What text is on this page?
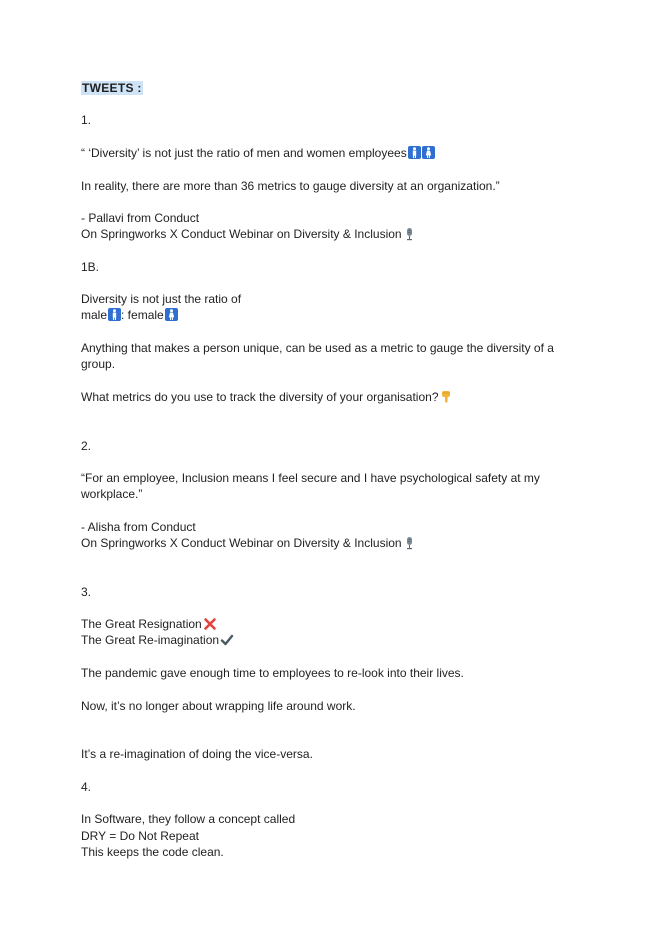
TWEETS :
1.
“ ‘Diversity’ is not just the ratio of men and women employees
In reality, there are more than 36 metrics to gauge diversity at an organization.”
- Pallavi from Conduct
On Springworks X Conduct Webinar on Diversity & Inclusion
1B.
Diversity is not just the ratio of
male : female
Anything that makes a person unique, can be used as a metric to gauge the diversity of a
group.
What metrics do you use to track the diversity of your organisation?
2.
“For an employee, Inclusion means I feel secure and I have psychological safety at my
workplace.”
- Alisha from Conduct
On Springworks X Conduct Webinar on Diversity & Inclusion
3.
The Great Resignation
The Great Re-imagination
The pandemic gave enough time to employees to re-look into their lives.
Now, it’s no longer about wrapping life around work.
It’s a re-imagination of doing the vice-versa.
4.
In Software, they follow a concept called
DRY = Do Not Repeat
This keeps the code clean.
